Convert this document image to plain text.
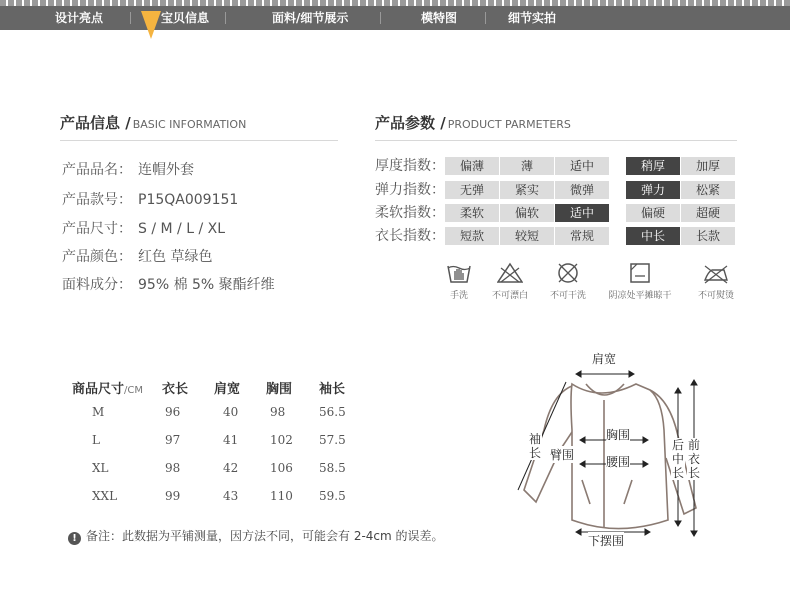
设计亮点	宝贝信息	面料/细节展示	模特图	细节实拍
产品信息 / BASIC INFORMATION
产品品名： 连帽外套
产品款号： P15QA009151
产品尺寸： S / M / L / XL
产品颜色： 红色 草绿色
面料成分： 95% 棉 5% 聚酯纤维
产品参数 / PRODUCT PARMETERS
厚度指数：	偏薄	薄	适中	稍厚	加厚
弹力指数：	无弹	紧实	微弹	弹力	松紧
柔软指数：	柔软	偏软	适中	偏硬	超硬
衣长指数：	短款	较短	常规	中长	长款
手洗	不可漂白	不可干洗	阴凉处平摊晾干	不可熨烫
商品尺寸/CM 衣长 肩宽 胸围 袖长
M	96	40	98	56.5
L	97	41	102 57.5
XL	98	42	106 58.5
XXL	99	43	110 59.5
! 备注：此数据为平铺测量，因方法不同，可能会有 2-4cm 的误差。
肩宽
袖长
胸围
臂围	腰围
后中长
前衣长
下摆围
